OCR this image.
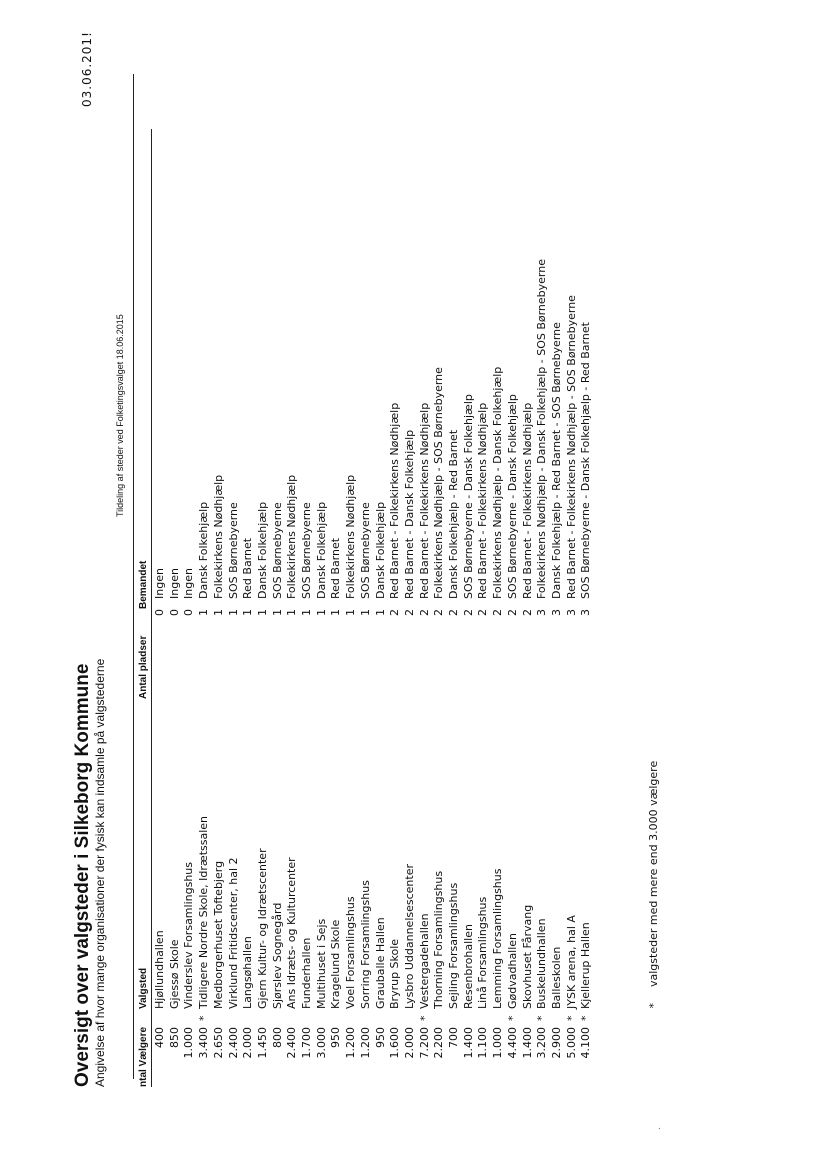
Oversigt over valgsteder i Silkeborg Kommune Angivelse af hvor mange organisationer der fysisk kan indsamle på valgstederne
03.06.201!
Tildeling af steder ved Folketingsvalget 18.06.2015
ntal Vælgere
Valgsted
Antal pladser
Bemandet
400
Hjøllundhallen
0
Ingen
850
Gjessø Skole
0
Ingen
1.000
Vinderslev Forsamlingshus
0
Ingen
3.400
*
Tidligere Nordre Skole, Idrætssalen
1
Dansk Folkehjælp
2.650
Medborgerhuset Toftebjerg
1
Folkekirkens Nødhjælp
2.400
Virklund Fritidscenter, hal 2
1
SOS Børnebyerne
2.000
Langsøhallen
1
Red Barnet
1.450
Gjern Kultur- og Idrætscenter
1
Dansk Folkehjælp
800
Sjørslev Sognegård
1
SOS Børnebyerne
2.400
Ans Idræts- og Kulturcenter
1
Folkekirkens Nødhjælp
1.700
Funderhallen
1
SOS Børnebyerne
3.000
Multihuset i Sejs
1
Dansk Folkehjælp
950
Kragelund Skole
1
Red Barnet
1.200
Voel Forsamlingshus
1
Folkekirkens Nødhjælp
1.200
Sorring Forsamlingshus
1
SOS Børnebyerne
950
Grauballe Hallen
1
Dansk Folkehjælp
1.600
Bryrup Skole
2
Red Barnet - Folkekirkens Nødhjælp
2.000
Lysbro Uddannelsescenter
2
Red Barnet - Dansk Folkehjælp
7.200
*
Vestergadehallen
2
Red Barnet - Folkekirkens Nødhjælp
2.200
Thorning Forsamlingshus
2
Folkekirkens Nødhjælp - SOS Børnebyerne
700
Sejling Forsamlingshus
2
Dansk Folkehjælp - Red Barnet
1.400
Resenbrohallen
2
SOS Børnebyerne - Dansk Folkehjælp
1.100
Linå Forsamlingshus
2
Red Barnet - Folkekirkens Nødhjælp
1.000
Lemming Forsamlingshus
2
Folkekirkens Nødhjælp - Dansk Folkehjælp
4.400
*
Gødvadhallen
2
SOS Børnebyerne - Dansk Folkehjælp
1.400
Skovhuset Fårvang
2
Red Barnet - Folkekirkens Nødhjælp
3.200
*
Buskelundhallen
3
Folkekirkens Nødhjælp - Dansk Folkehjælp - SOS Børnebyerne
2.900
Balleskolen
3
Dansk Folkehjælp - Red Barnet - SOS Børnebyerne
5.000
*
JYSK arena, hal A
3
Red Barnet - Folkekirkens Nødhjælp - SOS Børnebyerne
4.100
*
Kjellerup Hallen
3
SOS Børnebyerne - Dansk Folkehjælp - Red Barnet
*
valgsteder med mere end 3.000 vælgere
.
